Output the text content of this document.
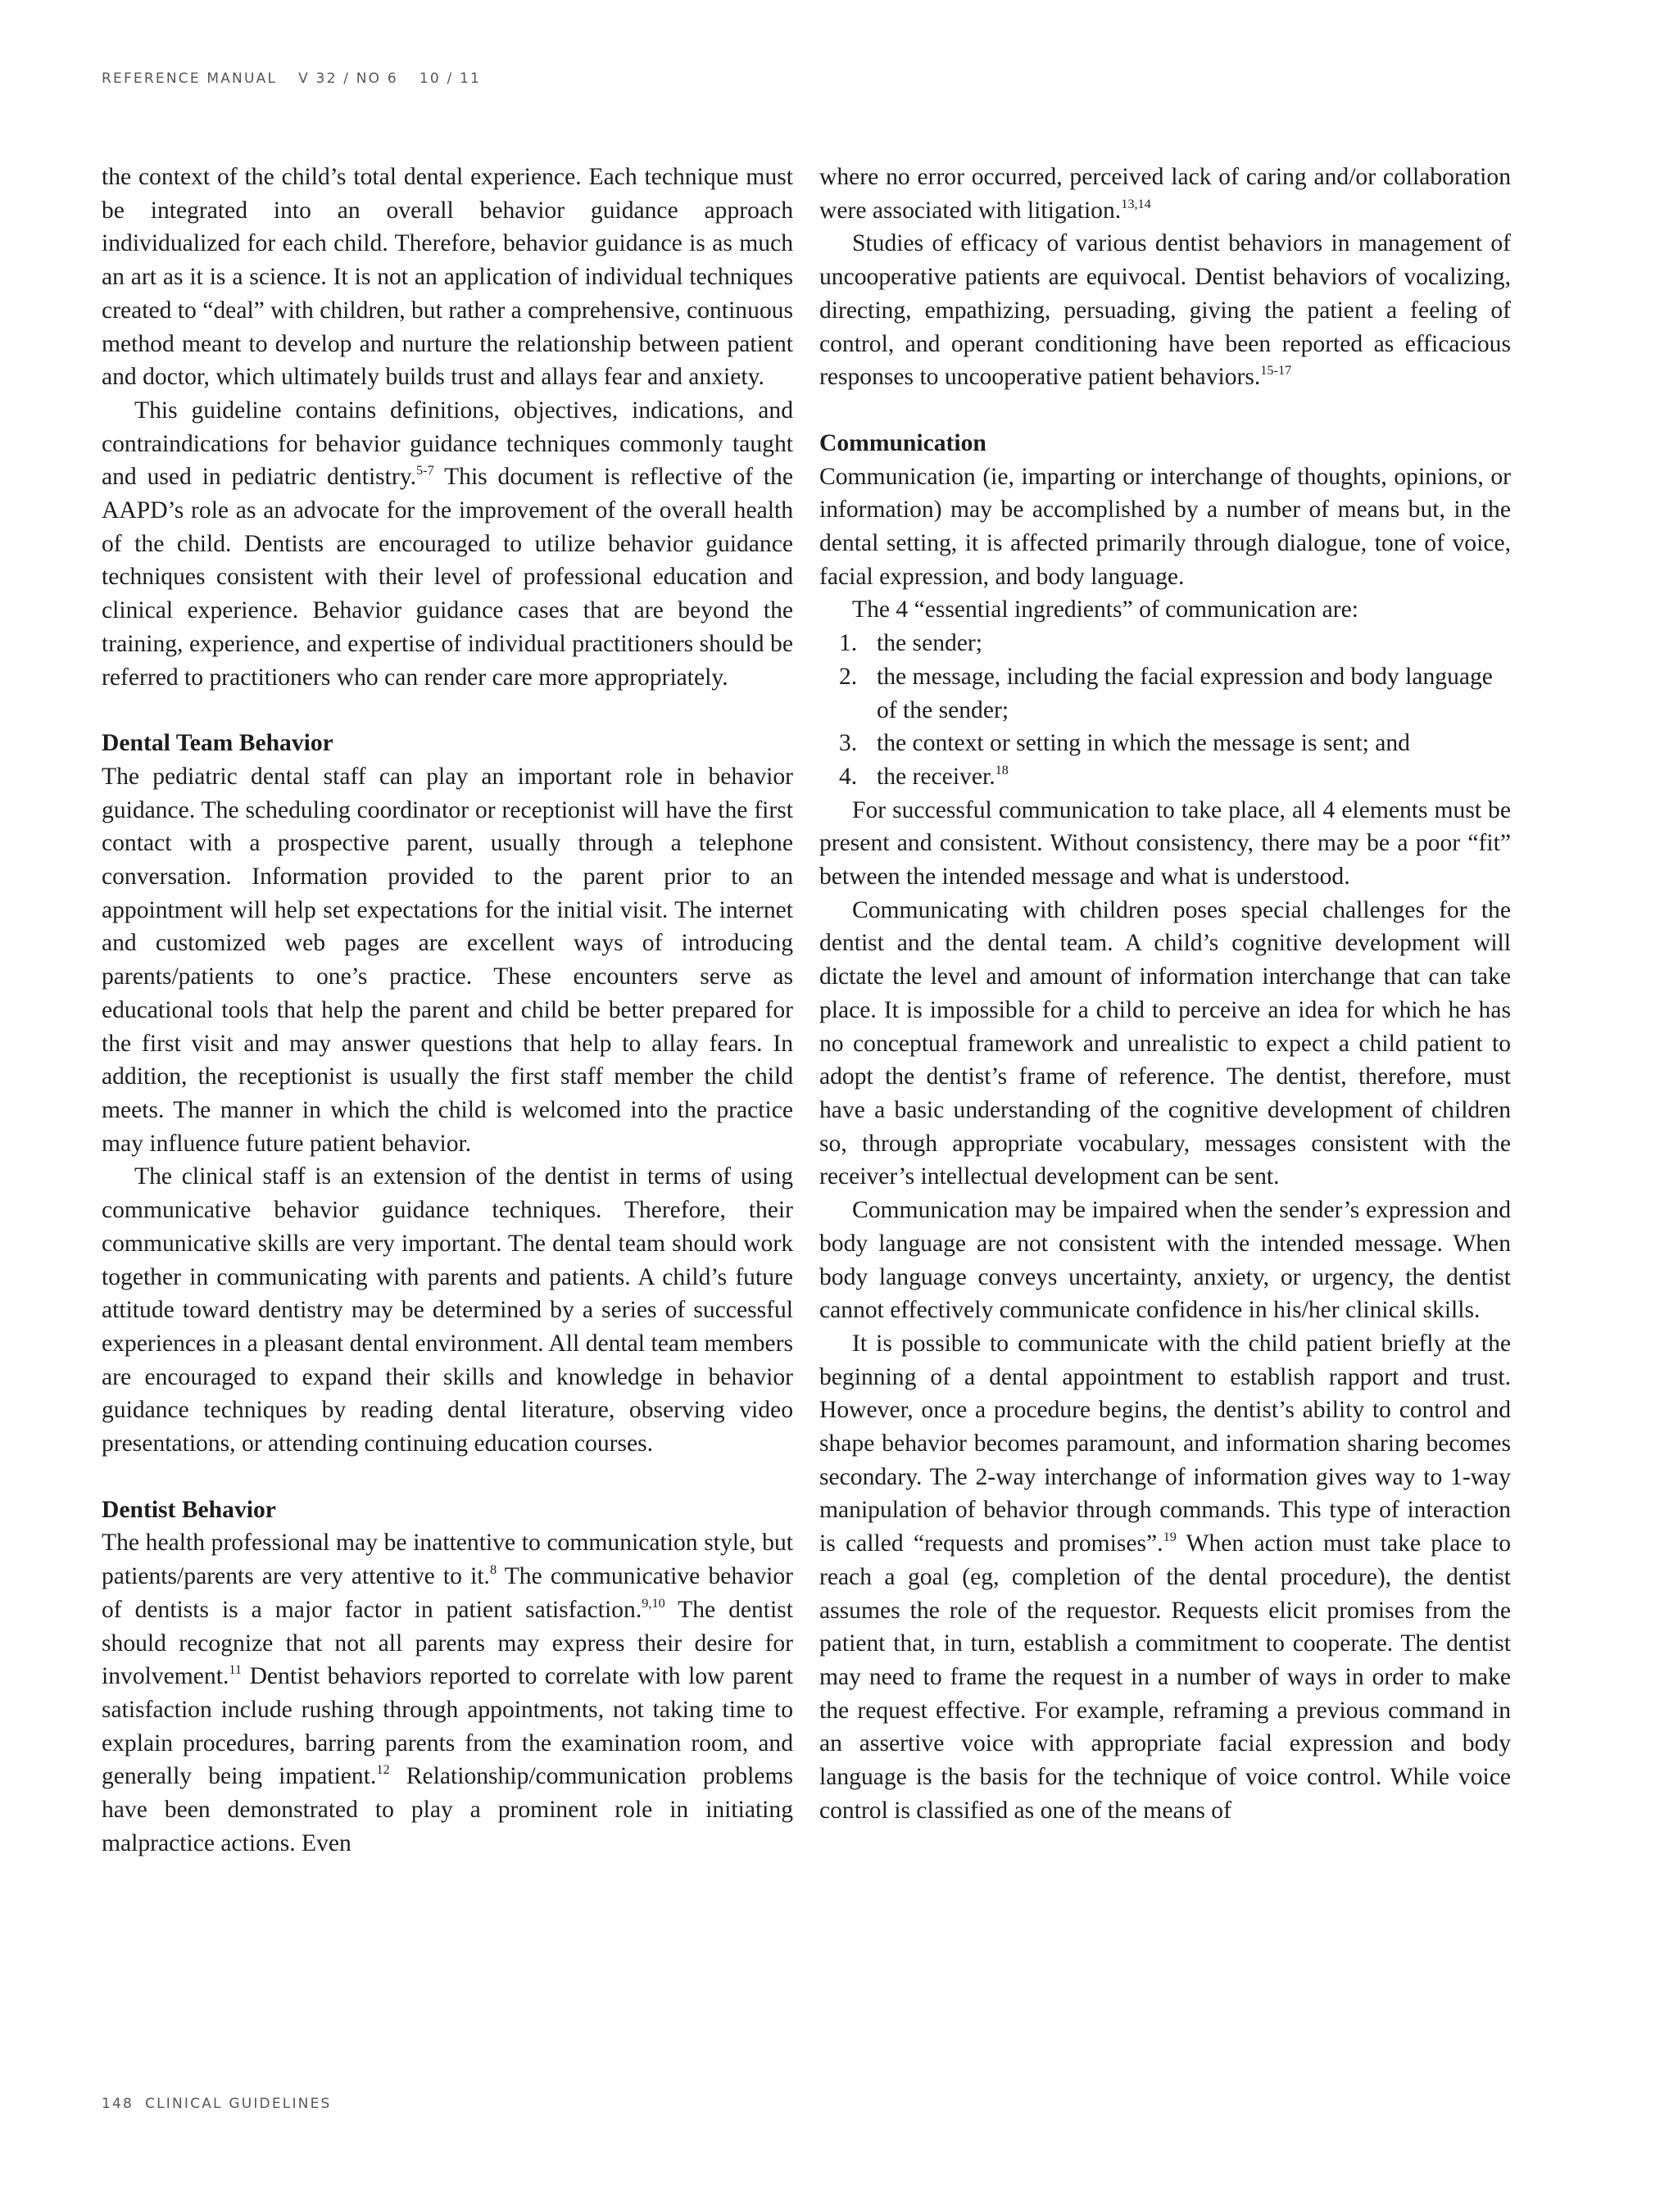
REFERENCE MANUAL V 32 / NO 6 10 / 11

the context of the child’s total dental experience. Each technique must be integrated into an overall behavior guidance approach individualized for each child. Therefore, behavior guidance is as much an art as it is a science. It is not an application of individual techniques created to “deal” with children, but rather a comprehensive, continuous method meant to develop and nurture the relationship between patient and doctor, which ultimately builds trust and allays fear and anxiety.

This guideline contains definitions, objectives, indications, and contraindications for behavior guidance techniques commonly taught and used in pediatric dentistry.$^{5-7}$ This document is reflective of the AAPD’s role as an advocate for the improvement of the overall health of the child. Dentists are encouraged to utilize behavior guidance techniques consistent with their level of professional education and clinical experience. Behavior guidance cases that are beyond the training, experience, and expertise of individual practitioners should be referred to practitioners who can render care more appropriately.

Dental Team Behavior

The pediatric dental staff can play an important role in behavior guidance. The scheduling coordinator or receptionist will have the first contact with a prospective parent, usually through a telephone conversation. Information provided to the parent prior to an appointment will help set expectations for the initial visit. The internet and customized web pages are excellent ways of introducing parents/patients to one’s practice. These encounters serve as educational tools that help the parent and child be better prepared for the first visit and may answer questions that help to allay fears. In addition, the receptionist is usually the first staff member the child meets. The manner in which the child is welcomed into the practice may influence future patient behavior.

The clinical staff is an extension of the dentist in terms of using communicative behavior guidance techniques. Therefore, their communicative skills are very important. The dental team should work together in communicating with parents and patients. A child’s future attitude toward dentistry may be determined by a series of successful experiences in a pleasant dental environment. All dental team members are encouraged to expand their skills and knowledge in behavior guidance techniques by reading dental literature, observing video presentations, or attending continuing education courses.

Dentist Behavior

The health professional may be inattentive to communication style, but patients/parents are very attentive to it.$^8$ The communicative behavior of dentists is a major factor in patient satisfaction.$^{9,10}$ The dentist should recognize that not all parents may express their desire for involvement.$^{11}$ Dentist behaviors reported to correlate with low parent satisfaction include rushing through appointments, not taking time to explain procedures, barring parents from the examination room, and generally being impatient.$^{12}$ Relationship/communication problems have been demonstrated to play a prominent role in initiating malpractice actions. Even

where no error occurred, perceived lack of caring and/or collaboration were associated with litigation.$^{13,14}$

Studies of efficacy of various dentist behaviors in management of uncooperative patients are equivocal. Dentist behaviors of vocalizing, directing, empathizing, persuading, giving the patient a feeling of control, and operant conditioning have been reported as efficacious responses to uncooperative patient behaviors.$^{15-17}$

Communication

Communication (ie, imparting or interchange of thoughts, opinions, or information) may be accomplished by a number of means but, in the dental setting, it is affected primarily through dialogue, tone of voice, facial expression, and body language.

The 4 “essential ingredients” of communication are:

1. the sender;
2. the message, including the facial expression and body language of the sender;
3. the context or setting in which the message is sent; and
4. the receiver.$^{18}$

For successful communication to take place, all 4 elements must be present and consistent. Without consistency, there may be a poor “fit” between the intended message and what is understood.

Communicating with children poses special challenges for the dentist and the dental team. A child’s cognitive development will dictate the level and amount of information interchange that can take place. It is impossible for a child to perceive an idea for which he has no conceptual framework and unrealistic to expect a child patient to adopt the dentist’s frame of reference. The dentist, therefore, must have a basic understanding of the cognitive development of children so, through appropriate vocabulary, messages consistent with the receiver’s intellectual development can be sent.

Communication may be impaired when the sender’s expression and body language are not consistent with the intended message. When body language conveys uncertainty, anxiety, or urgency, the dentist cannot effectively communicate confidence in his/her clinical skills.

It is possible to communicate with the child patient briefly at the beginning of a dental appointment to establish rapport and trust. However, once a procedure begins, the dentist’s ability to control and shape behavior becomes paramount, and information sharing becomes secondary. The 2-way interchange of information gives way to 1-way manipulation of behavior through commands. This type of interaction is called “requests and promises”.$^{19}$ When action must take place to reach a goal (eg, completion of the dental procedure), the dentist assumes the role of the requestor. Requests elicit promises from the patient that, in turn, establish a commitment to cooperate. The dentist may need to frame the request in a number of ways in order to make the request effective. For example, reframing a previous command in an assertive voice with appropriate facial expression and body language is the basis for the technique of voice control. While voice control is classified as one of the means of

148 CLINICAL GUIDELINES
